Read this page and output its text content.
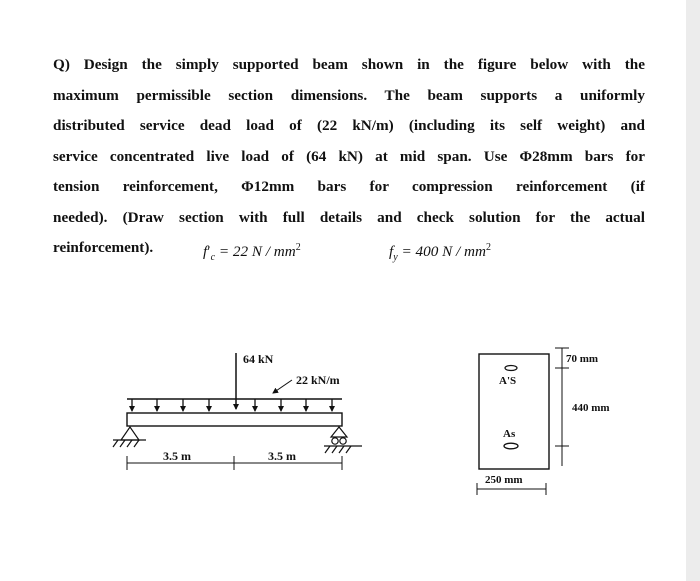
Q) Design the simply supported beam shown in the figure below with the
maximum permissible section dimensions. The beam supports a uniformly
distributed service dead load of (22 kN/m) (including its self weight) and
service concentrated live load of (64 kN) at mid span. Use Φ28mm bars for
tension reinforcement, Φ12mm bars for compression reinforcement (if
needed). (Draw section with full details and check solution for the actual
reinforcement).	$f'_c = 22$ N / $mm^2$	$f_y = 400$ N / $mm^2$
64 kN
22 kN/m
3.5 m	3.5 m
A'S
As
70 mm
440 mm
250 mm
